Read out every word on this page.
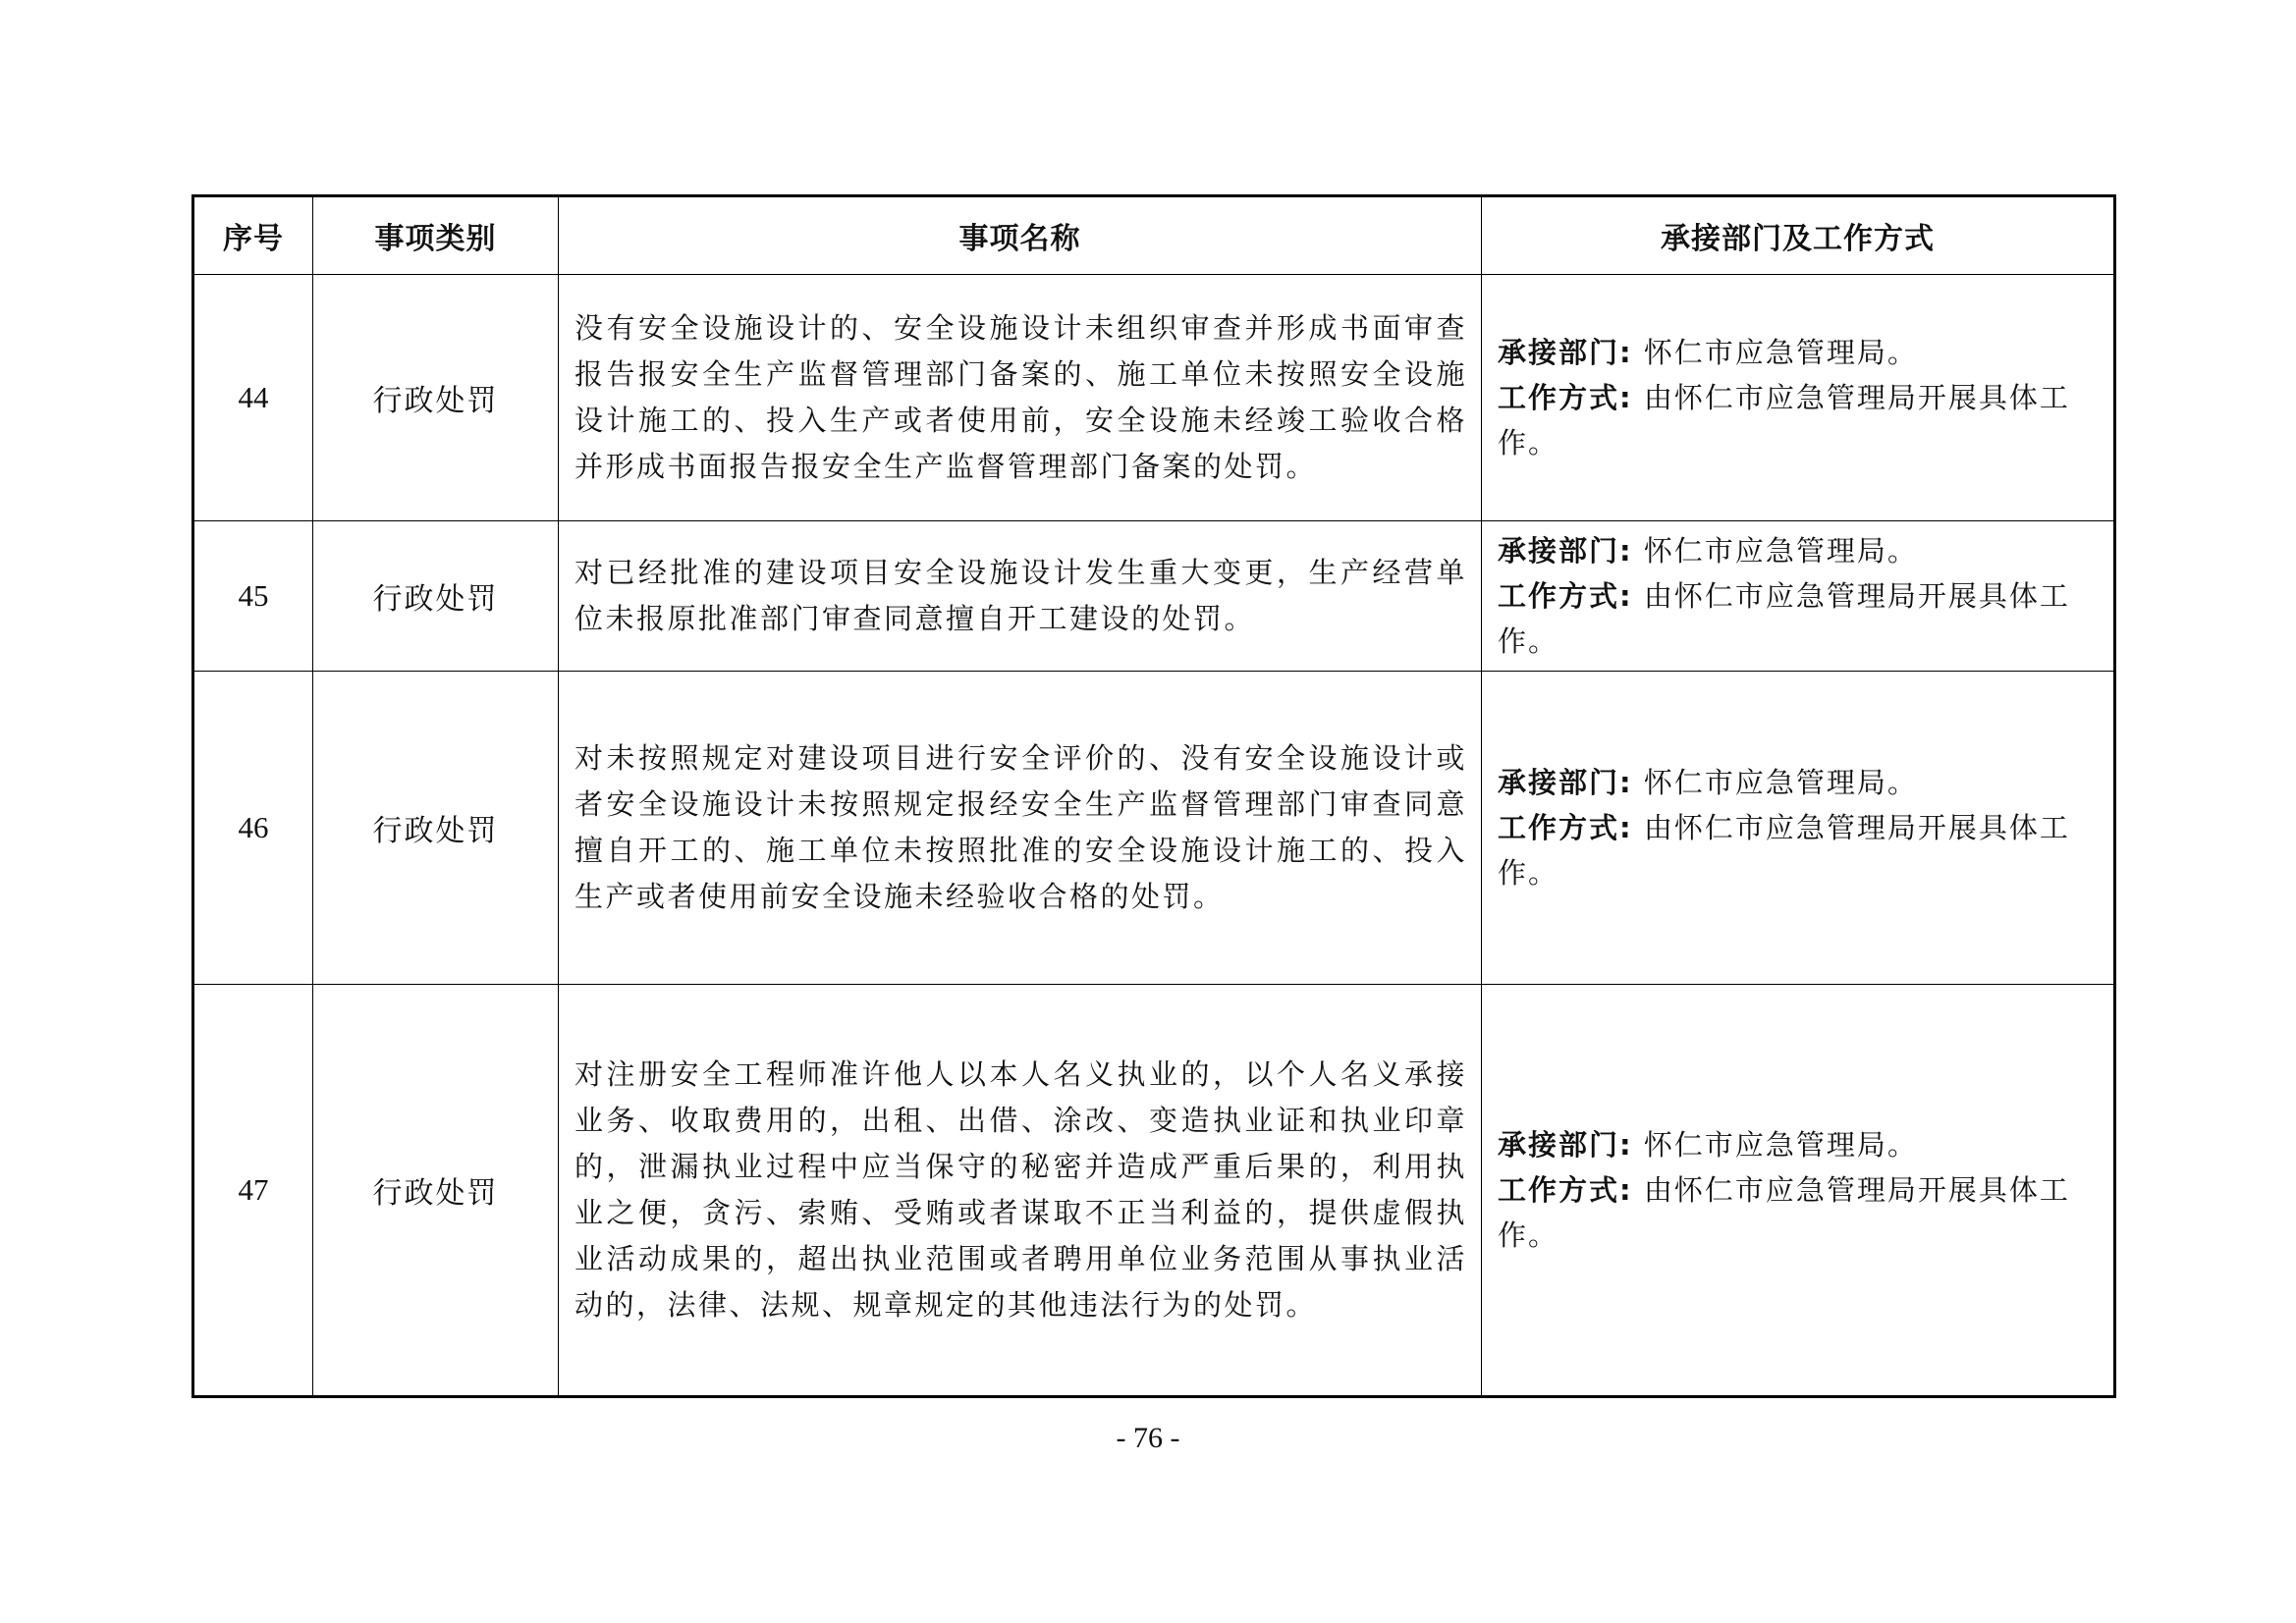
序号	事项类别	事项名称	承接部门及工作方式
44	行政处罚	没有安全设施设计的、安全设施设计未组织审查并形成书面审查报告报安全生产监督管理部门备案的、施工单位未按照安全设施设计施工的、投入生产或者使用前，安全设施未经竣工验收合格并形成书面报告报安全生产监督管理部门备案的处罚。	承接部门: 怀仁市应急管理局。
工作方式: 由怀仁市应急管理局开展具体工作。

45	行政处罚	对已经批准的建设项目安全设施设计发生重大变更，生产经营单位未报原批准部门审查同意擅自开工建设的处罚。	承接部门: 怀仁市应急管理局。
工作方式: 由怀仁市应急管理局开展具体工作。

46	行政处罚	对未按照规定对建设项目进行安全评价的、没有安全设施设计或者安全设施设计未按照规定报经安全生产监督管理部门审查同意擅自开工的、施工单位未按照批准的安全设施设计施工的、投入生产或者使用前安全设施未经验收合格的处罚。	承接部门: 怀仁市应急管理局。
工作方式: 由怀仁市应急管理局开展具体工作。

47	行政处罚	对注册安全工程师准许他人以本人名义执业的，以个人名义承接业务、收取费用的，出租、出借、涂改、变造执业证和执业印章的，泄漏执业过程中应当保守的秘密并造成严重后果的，利用执业之便，贪污、索贿、受贿或者谋取不正当利益的，提供虚假执业活动成果的，超出执业范围或者聘用单位业务范围从事执业活动的，法律、法规、规章规定的其他违法行为的处罚。	承接部门: 怀仁市应急管理局。
工作方式: 由怀仁市应急管理局开展具体工作。
- 76 -
